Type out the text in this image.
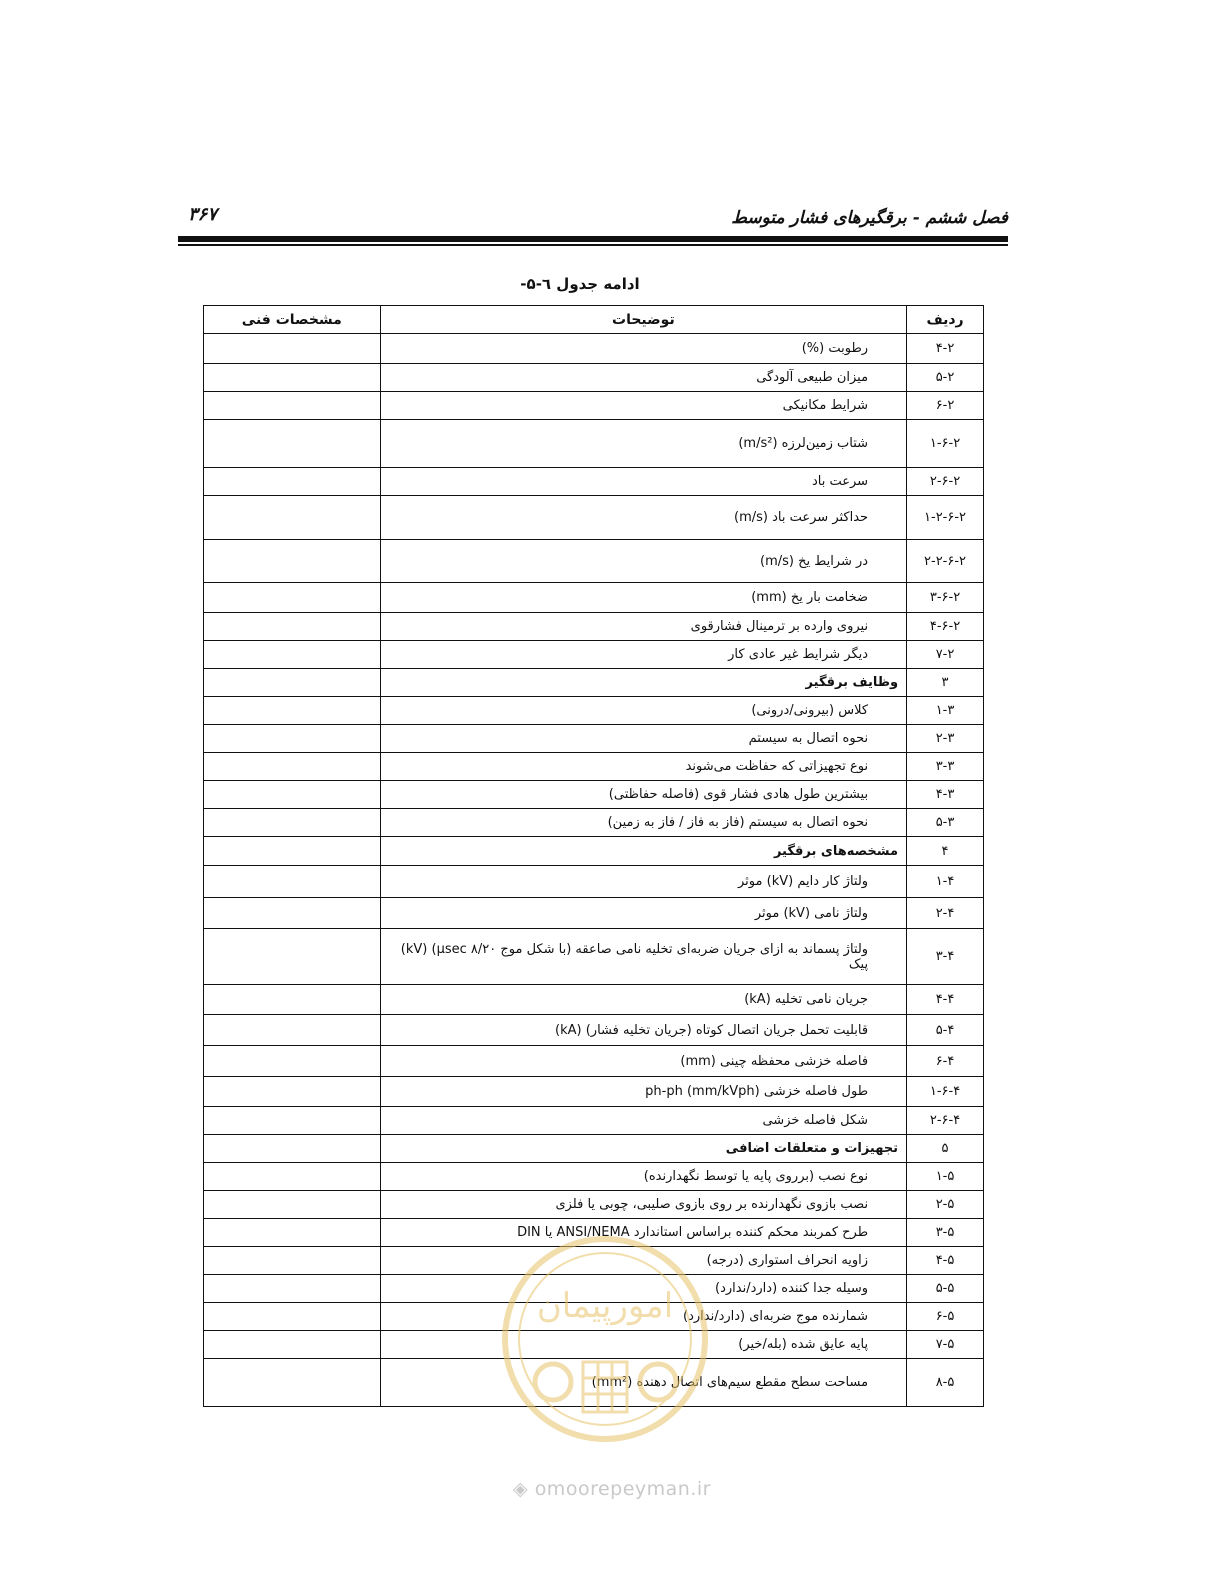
فصل ششم - برقگیرهای فشار متوسط
۳۶۷
ادامه جدول ٦-۵-
ردیف	توضیحات	مشخصات فنی
۴-۲	رطوبت (%)	
۵-۲	میزان طبیعی آلودگی	
۶-۲	شرایط مکانیکی	
۱-۶-۲	شتاب زمین‌لرزه (m/s²)	
۲-۶-۲	سرعت باد	
۱-۲-۶-۲	حداکثر سرعت باد (m/s)	
۲-۲-۶-۲	در شرایط یخ (m/s)	
۳-۶-۲	ضخامت بار یخ (mm)	
۴-۶-۲	نیروی وارده بر ترمینال فشارقوی	
۷-۲	دیگر شرایط غیر عادی کار	
۳	وظایف برقگیر	
۱-۳	کلاس (بیرونی/درونی)	
۲-۳	نحوه اتصال به سیستم	
۳-۳	نوع تجهیزاتی که حفاظت می‌شوند	
۴-۳	بیشترین طول هادی فشار قوی (فاصله حفاظتی)	
۵-۳	نحوه اتصال به سیستم (فاز به فاز / فاز به زمین)	
۴	مشخصه‌های برقگیر	
۱-۴	ولتاژ کار دایم (kV) موثر	
۲-۴	ولتاژ نامی (kV) موثر	
۳-۴	ولتاژ پسماند به ازای جریان ضربه‌ای تخلیه نامی صاعقه (با شکل موج ۸/۲۰ μsec) (kV) پیک	
۴-۴	جریان نامی تخلیه (kA)	
۵-۴	قابلیت تحمل جریان اتصال کوتاه (جریان تخلیه فشار) (kA)	
۶-۴	فاصله خزشی محفظه چینی (mm)	
۱-۶-۴	طول فاصله خزشی ph-ph (mm/kVph)	
۲-۶-۴	شکل فاصله خزشی	
۵	تجهیزات و متعلقات اضافی	
۱-۵	نوع نصب (برروی پایه یا توسط نگهدارنده)	
۲-۵	نصب بازوی نگهدارنده بر روی بازوی صلیبی، چوبی یا فلزی	
۳-۵	طرح کمربند محکم کننده براساس استاندارد ANSI/NEMA یا DIN	
۴-۵	زاویه انحراف استواری (درجه)	
۵-۵	وسیله جدا کننده (دارد/ندارد)	
۶-۵	شمارنده موج ضربه‌ای (دارد/ندارد)	
۷-۵	پایه عایق شده (بله/خیر)	
۸-۵	مساحت سطح مقطع سیم‌های اتصال دهنده (mm²)	
امورپیمان
◈ omoorepeyman.ir
